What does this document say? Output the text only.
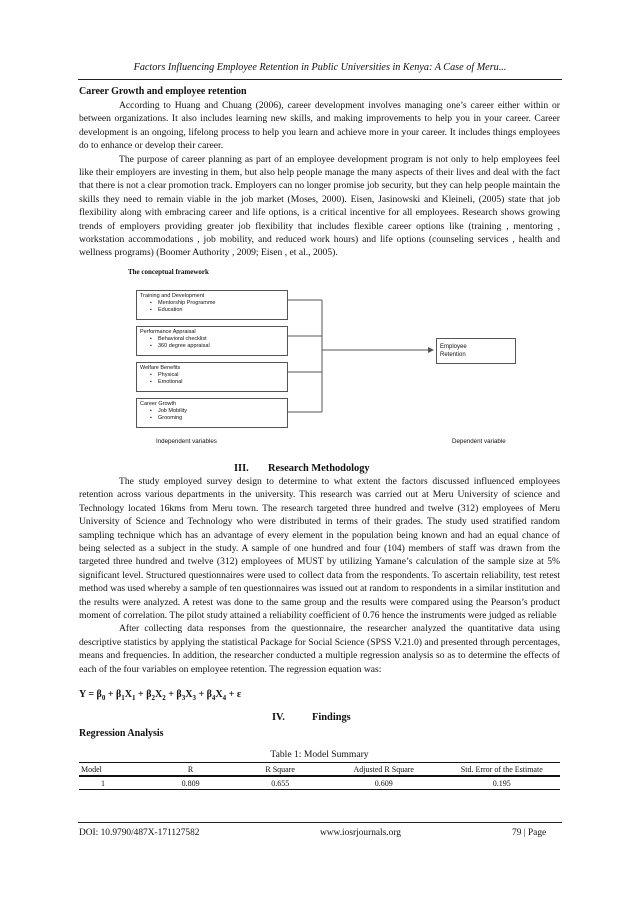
Factors Influencing Employee Retention in Public Universities in Kenya: A Case of Meru...
Career Growth and employee retention

According to Huang and Chuang (2006), career development involves managing one’s career either within or between organizations. It also includes learning new skills, and making improvements to help you in your career. Career development is an ongoing, lifelong process to help you learn and achieve more in your career. It includes things employees do to enhance or develop their career.

The purpose of career planning as part of an employee development program is not only to help employees feel like their employers are investing in them, but also help people manage the many aspects of their lives and deal with the fact that there is not a clear promotion track. Employers can no longer promise job security, but they can help people maintain the skills they need to remain viable in the job market (Moses, 2000). Eisen, Jasinowski and Kleineli, (2005) state that job flexibility along with embracing career and life options, is a critical incentive for all employees. Research shows growing trends of employers providing greater job flexibility that includes flexible career options like (training , mentoring , workstation accommodations , job mobility, and reduced work hours) and life options (counseling services , health and wellness programs) (Boomer Authority , 2009; Eisen , et al., 2005).

The conceptual framework
Training and Development
▪ Mentorship Programme
▪ Education
Performance Appraisal
▪ Behavioral checklist
▪ 360 degree appraisal
Welfare Benefits
▪ Physical
▪ Emotional
Career Growth
▪ Job Mobility
▪ Grooming
Employee
Retention
Independent variables	Dependent variable
III. Research Methodology

The study employed survey design to determine to what extent the factors discussed influenced employees retention across various departments in the university. This research was carried out at Meru University of science and Technology located 16kms from Meru town. The research targeted three hundred and twelve (312) employees of Meru University of Science and Technology who were distributed in terms of their grades. The study used stratified random sampling technique which has an advantage of every element in the population being known and had an equal chance of being selected as a subject in the study. A sample of one hundred and four (104) members of staff was drawn from the targeted three hundred and twelve (312) employees of MUST by utilizing Yamane’s calculation of the sample size at 5% significant level. Structured questionnaires were used to collect data from the respondents. To ascertain reliability, test retest method was used whereby a sample of ten questionnaires was issued out at random to respondents in a similar institution and the results were analyzed. A retest was done to the same group and the results were compared using the Pearson’s product moment of correlation. The pilot study attained a reliability coefficient of 0.76 hence the instruments were judged as reliable

After collecting data responses from the questionnaire, the researcher analyzed the quantitative data using descriptive statistics by applying the statistical Package for Social Science (SPSS V.21.0) and presented through percentages, means and frequencies. In addition, the researcher conducted a multiple regression analysis so as to determine the effects of each of the four variables on employee retention. The regression equation was:

$Y = \beta_0 + \beta_1X_1 + \beta_2X_2 + \beta_3X_3 + \beta_4X_4 + \varepsilon$
IV.	Findings
Regression Analysis
Table 1: Model Summary
Model	R	R Square	Adjusted R Square	Std. Error of the Estimate
1	0.809	0.655	0.609	0.195
DOI: 10.9790/487X-171127582	www.iosrjournals.org	79 | Page
